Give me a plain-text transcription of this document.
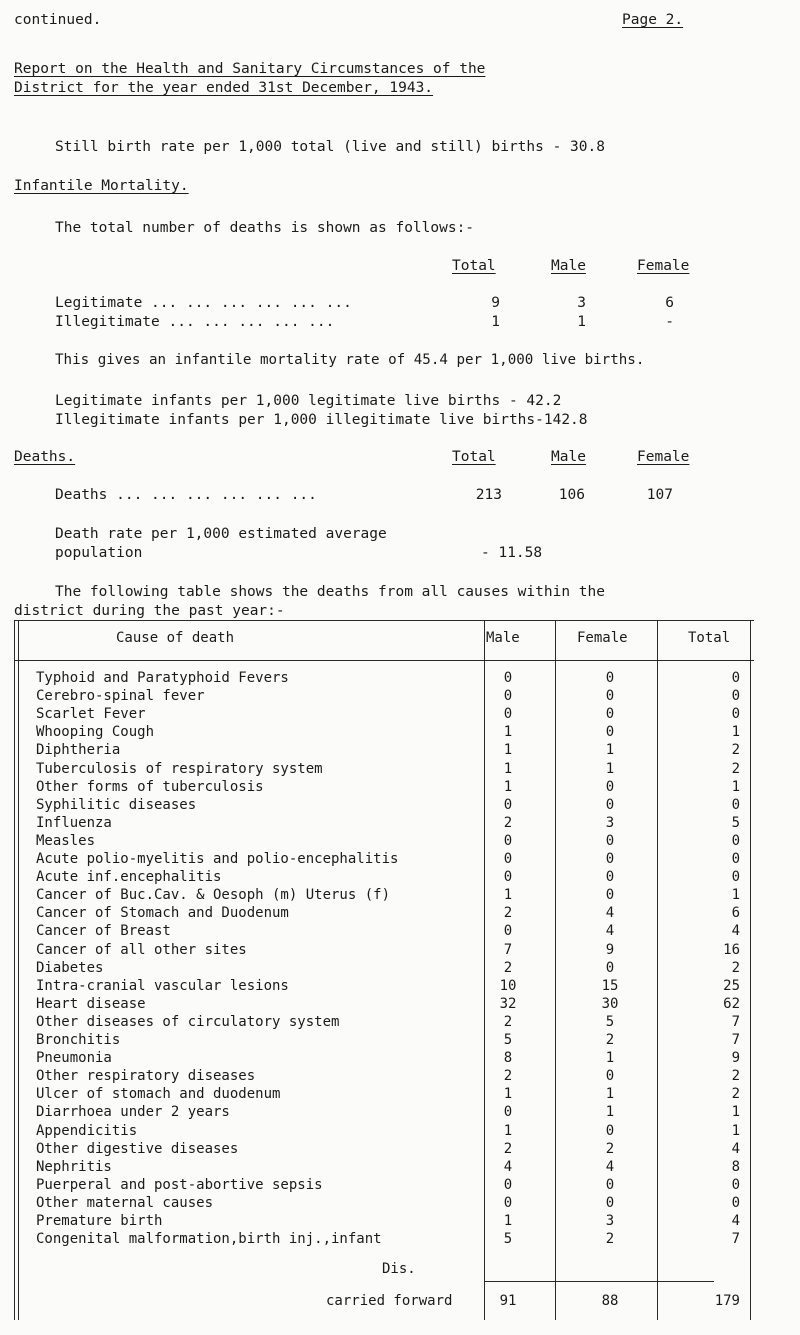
continued.	Page 2.
Report on the Health and Sanitary Circumstances of the
District for the year ended 31st December, 1943.
Still birth rate per 1,000 total (live and still) births - 30.8
Infantile Mortality.
The total number of deaths is shown as follows:-
Total	Male	Female
Legitimate ... ... ... ... ... ...	9	3	6
Illegitimate ... ... ... ... ...	1	1	-
This gives an infantile mortality rate of 45.4 per 1,000 live births.
Legitimate infants per 1,000 legitimate live births - 42.2
Illegitimate infants per 1,000 illegitimate live births-142.8
Deaths.	Total	Male	Female
Deaths ... ... ... ... ... ...	213	106	107
Death rate per 1,000 estimated average
population	- 11.58
The following table shows the deaths from all causes within the
district during the past year:-
Cause of death	Male	Female	Total
Typhoid and Paratyphoid Fevers	0	0	0
Cerebro-spinal fever	0	0	0
Scarlet Fever	0	0	0
Whooping Cough	1	0	1
Diphtheria	1	1	2
Tuberculosis of respiratory system	1	1	2
Other forms of tuberculosis	1	0	1
Syphilitic diseases	0	0	0
Influenza	2	3	5
Measles	0	0	0
Acute polio-myelitis and polio-encephalitis	0	0	0
Acute inf.encephalitis	0	0	0
Cancer of Buc.Cav. & Oesoph (m) Uterus (f)	1	0	1
Cancer of Stomach and Duodenum	2	4	6
Cancer of Breast	0	4	4
Cancer of all other sites	7	9	16
Diabetes	2	0	2
Intra-cranial vascular lesions	10	15	25
Heart disease	32	30	62
Other diseases of circulatory system	2	5	7
Bronchitis	5	2	7
Pneumonia	8	1	9
Other respiratory diseases	2	0	2
Ulcer of stomach and duodenum	1	1	2
Diarrhoea under 2 years	0	1	1
Appendicitis	1	0	1
Other digestive diseases	2	2	4
Nephritis	4	4	8
Puerperal and post-abortive sepsis	0	0	0
Other maternal causes	0	0	0
Premature birth	1	3	4
Congenital malformation,birth inj.,infant	5	2	7
Dis.
carried forward	91	88	179
